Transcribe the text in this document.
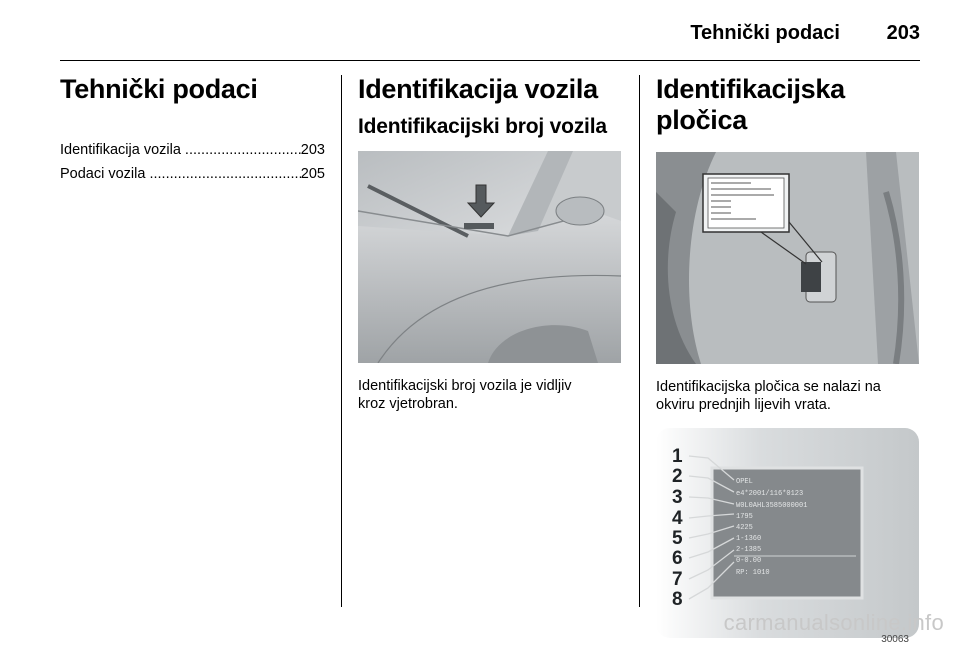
Tehnički podaci 203
Tehnički podaci
Identifikacija vozila .....	203
Podaci vozila .....	205
Identifikacija vozila
Identifikacijski broj vozila
Identifikacijski broj vozila je vidljiv
kroz vjetrobran.
Identifikacijska pločica
Identifikacijska pločica se nalazi na
okviru prednjih lijevih vrata.
1
2
3
4
5
6
7
8
OPEL
e4*2001/116*0123
W0L0AHL3585000001
1795
4225
1-1360
2-1385
0-0.00
RP: 1010
30063
carmanualsonline.info
